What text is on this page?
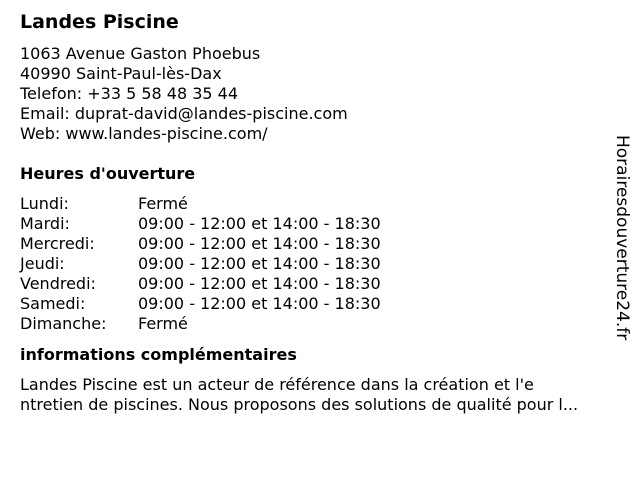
Landes Piscine
1063 Avenue Gaston Phoebus
40990 Saint-Paul-lès-Dax
Telefon: +33 5 58 48 35 44
Email: duprat-david@landes-piscine.com
Web: www.landes-piscine.com/
Heures d'ouverture
Lundi:	Fermé
Mardi:	09:00 - 12:00 et 14:00 - 18:30
Mercredi:	09:00 - 12:00 et 14:00 - 18:30
Jeudi:	09:00 - 12:00 et 14:00 - 18:30
Vendredi:	09:00 - 12:00 et 14:00 - 18:30
Samedi:	09:00 - 12:00 et 14:00 - 18:30
Dimanche:	Fermé
informations complémentaires
Landes Piscine est un acteur de référence dans la création et l'e
ntretien de piscines. Nous proposons des solutions de qualité pour l...
Horairesdouverture24.fr
